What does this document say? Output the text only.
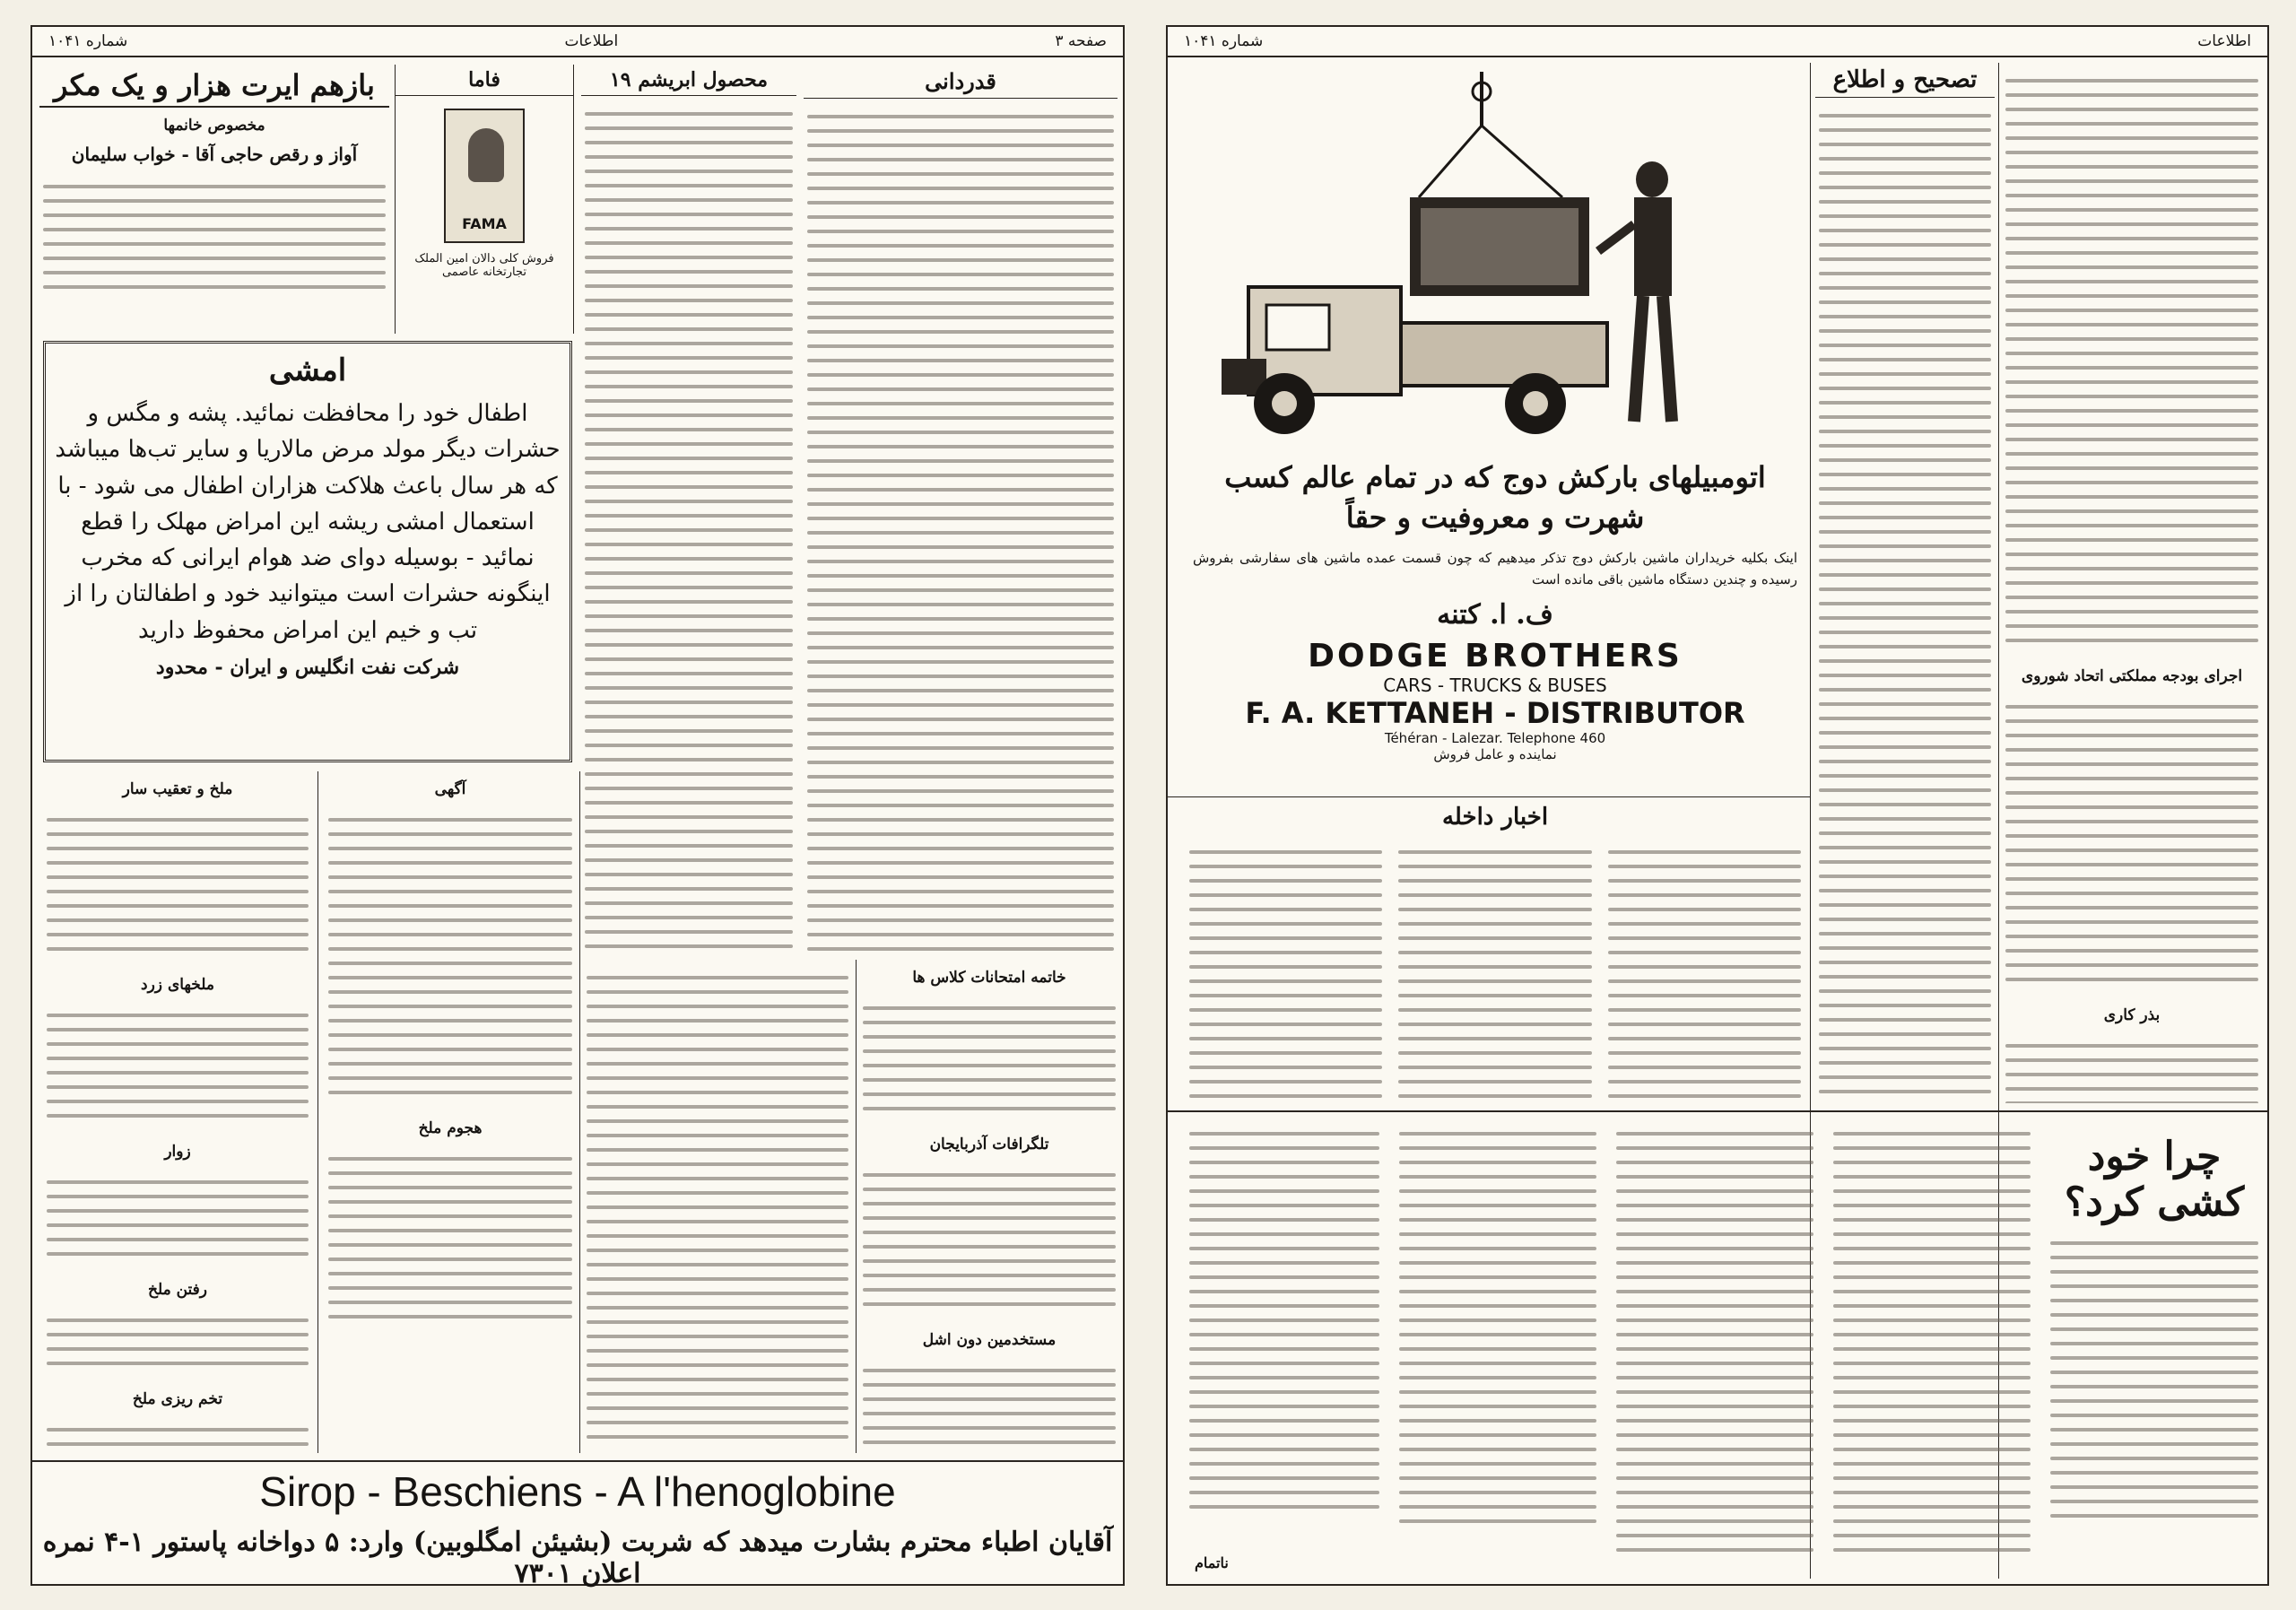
صفحه ۳
اطلاعات
شماره ۱۰۴۱
بازهم ایرت هزار و یک مکر
مخصوص خانمها
آواز و رقص حاجی آقا - خواب سلیمان
فاما
FAMA
فروش کلی دالان امین الملک تجارتخانه عاصمی
محصول ابریشم ۱۹	قدردانی
امشی
اطفال خود را محافظت نمائید. پشه و مگس و حشرات دیگر مولد مرض مالاریا و سایر تب‌ها میباشد که هر سال باعث هلاکت هزاران اطفال می شود - با استعمال امشی ریشه این امراض مهلک را قطع نمائید - بوسیله دوای ضد هوام ایرانی که مخرب اینگونه حشرات است میتوانید خود و اطفالتان را از تب و خیم این امراض محفوظ دارید
شرکت نفت انگلیس و ایران - محدود
ملخ و تعقیب سار
ملخهای زرد
زوار
رفتن ملخ
تخم ریزی ملخ
آگهی
هجوم ملخ
خاتمه امتحانات کلاس ها
تلگرافات آذربایجان
مستخدمین دون اشل
Sirop - Beschiens - A l'henoglobine
آقایان اطباء محترم بشارت میدهد که شربت (بشیئن امگلوبین) وارد: ۵ دواخانه پاستور ۱-۴ نمره اعلان ۷۳۰۱
اطلاعات
شماره ۱۰۴۱
اتومبیلهای بارکش دوج که در تمام عالم کسب شهرت و معروفیت و حقاً
اینک بکلیه خریداران ماشین بارکش دوج تذکر میدهیم که چون قسمت عمده ماشین های سفارشی بفروش رسیده و چندین دستگاه ماشین باقی مانده است
ف. ا. کتنه
DODGE BROTHERS
CARS - TRUCKS & BUSES
F. A. KETTANEH - DISTRIBUTOR
Téhéran - Lalezar. Telephone 460
نماینده و عامل فروش
تصحیح و اطلاع
اجرای بودجه مملکتی اتحاد شوروی
بذر کاری
اخبار داخله
چرا خود کشی کرد؟
ناتمام
